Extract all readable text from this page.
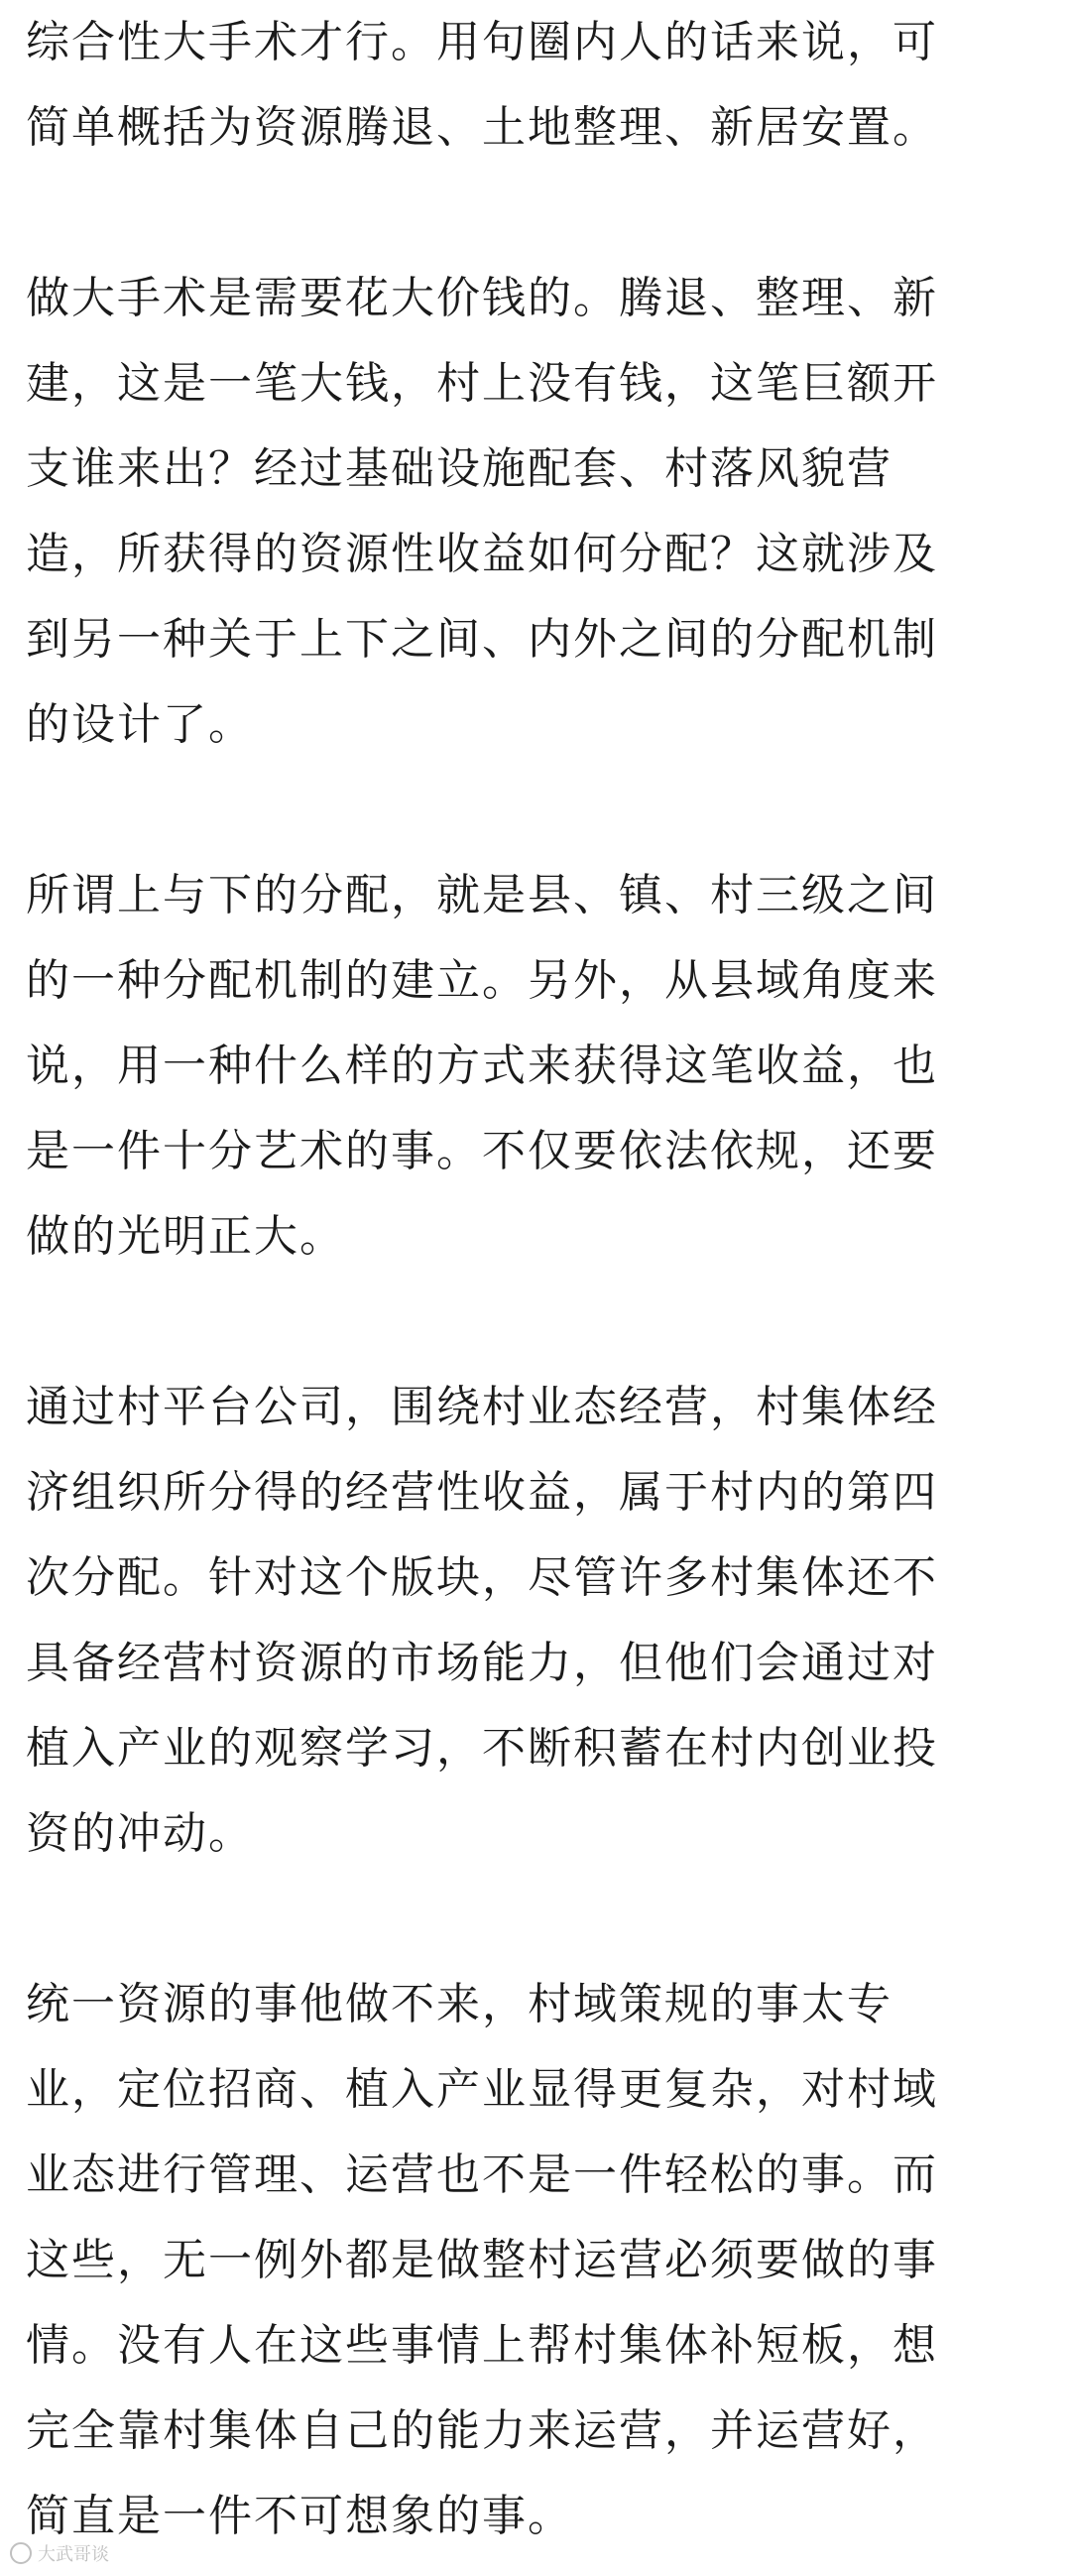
综合性大手术才行。用句圈内人的话来说，可
简单概括为资源腾退、土地整理、新居安置。

做大手术是需要花大价钱的。腾退、整理、新
建，这是一笔大钱，村上没有钱，这笔巨额开
支谁来出？经过基础设施配套、村落风貌营
造，所获得的资源性收益如何分配？这就涉及
到另一种关于上下之间、内外之间的分配机制
的设计了。

所谓上与下的分配，就是县、镇、村三级之间
的一种分配机制的建立。另外，从县域角度来
说，用一种什么样的方式来获得这笔收益，也
是一件十分艺术的事。不仅要依法依规，还要
做的光明正大。

通过村平台公司，围绕村业态经营，村集体经
济组织所分得的经营性收益，属于村内的第四
次分配。针对这个版块，尽管许多村集体还不
具备经营村资源的市场能力，但他们会通过对
植入产业的观察学习，不断积蓄在村内创业投
资的冲动。

统一资源的事他做不来，村域策规的事太专
业，定位招商、植入产业显得更复杂，对村域
业态进行管理、运营也不是一件轻松的事。而
这些，无一例外都是做整村运营必须要做的事
情。没有人在这些事情上帮村集体补短板，想
完全靠村集体自己的能力来运营，并运营好，
简直是一件不可想象的事。

大武哥谈
